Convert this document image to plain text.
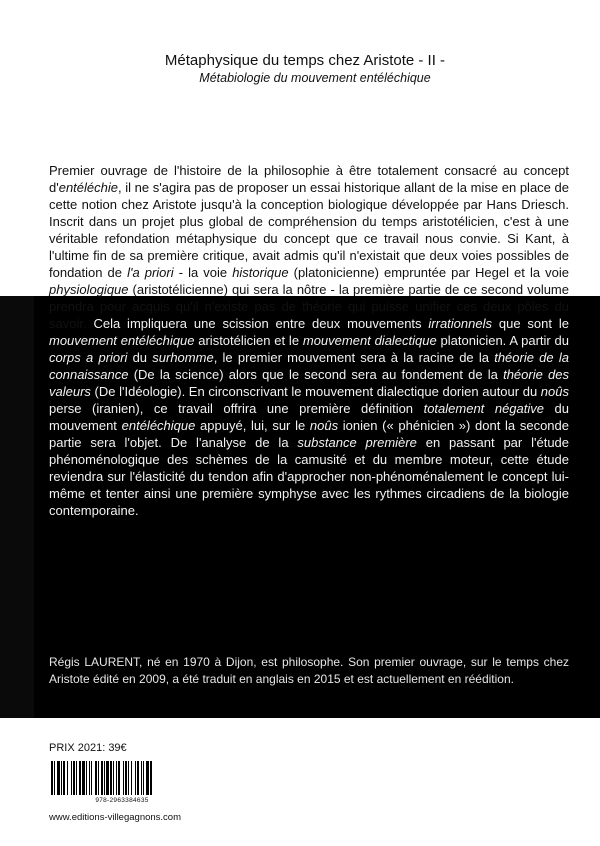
Métaphysique du temps chez Aristote - II -
Métabiologie du mouvement entéléchique

Premier ouvrage de l'histoire de la philosophie à être totalement consacré au concept d'entéléchie, il ne s'agira pas de proposer un essai historique allant de la mise en place de cette notion chez Aristote jusqu'à la conception biologique développée par Hans Driesch. Inscrit dans un projet plus global de compréhension du temps aristotélicien, c'est à une véritable refondation métaphysique du concept que ce travail nous convie. Si Kant, à l'ultime fin de sa première critique, avait admis qu'il n'existait que deux voies possibles de fondation de l'a priori - la voie historique (platonicienne) empruntée par Hegel et la voie physiologique (aristotélicienne) qui sera la nôtre - la première partie de ce second volume prendra pour acquis qu'il n'existe pas de théorie qui puisse unifier ces deux pôles du savoir. Cela impliquera une scission entre deux mouvements irrationnels que sont le mouvement entéléchique aristotélicien et le mouvement dialectique platonicien. A partir du corps a priori du surhomme, le premier mouvement sera à la racine de la théorie de la connaissance (De la science) alors que le second sera au fondement de la théorie des valeurs (De l'Idéologie). En circonscrivant le mouvement dialectique dorien autour du noûs perse (iranien), ce travail offrira une première définition totalement négative du mouvement entéléchique appuyé, lui, sur le noûs ionien (« phénicien ») dont la seconde partie sera l'objet. De l'analyse de la substance première en passant par l'étude phénoménologique des schèmes de la camusité et du membre moteur, cette étude reviendra sur l'élasticité du tendon afin d'approcher non-phénoménalement le concept lui-même et tenter ainsi une première symphyse avec les rythmes circadiens de la biologie contemporaine.

Régis LAURENT, né en 1970 à Dijon, est philosophe. Son premier ouvrage, sur le temps chez Aristote édité en 2009, a été traduit en anglais en 2015 et est actuellement en réédition.
PRIX 2021: 39€
978-2963384635
www.editions-villegagnons.com
